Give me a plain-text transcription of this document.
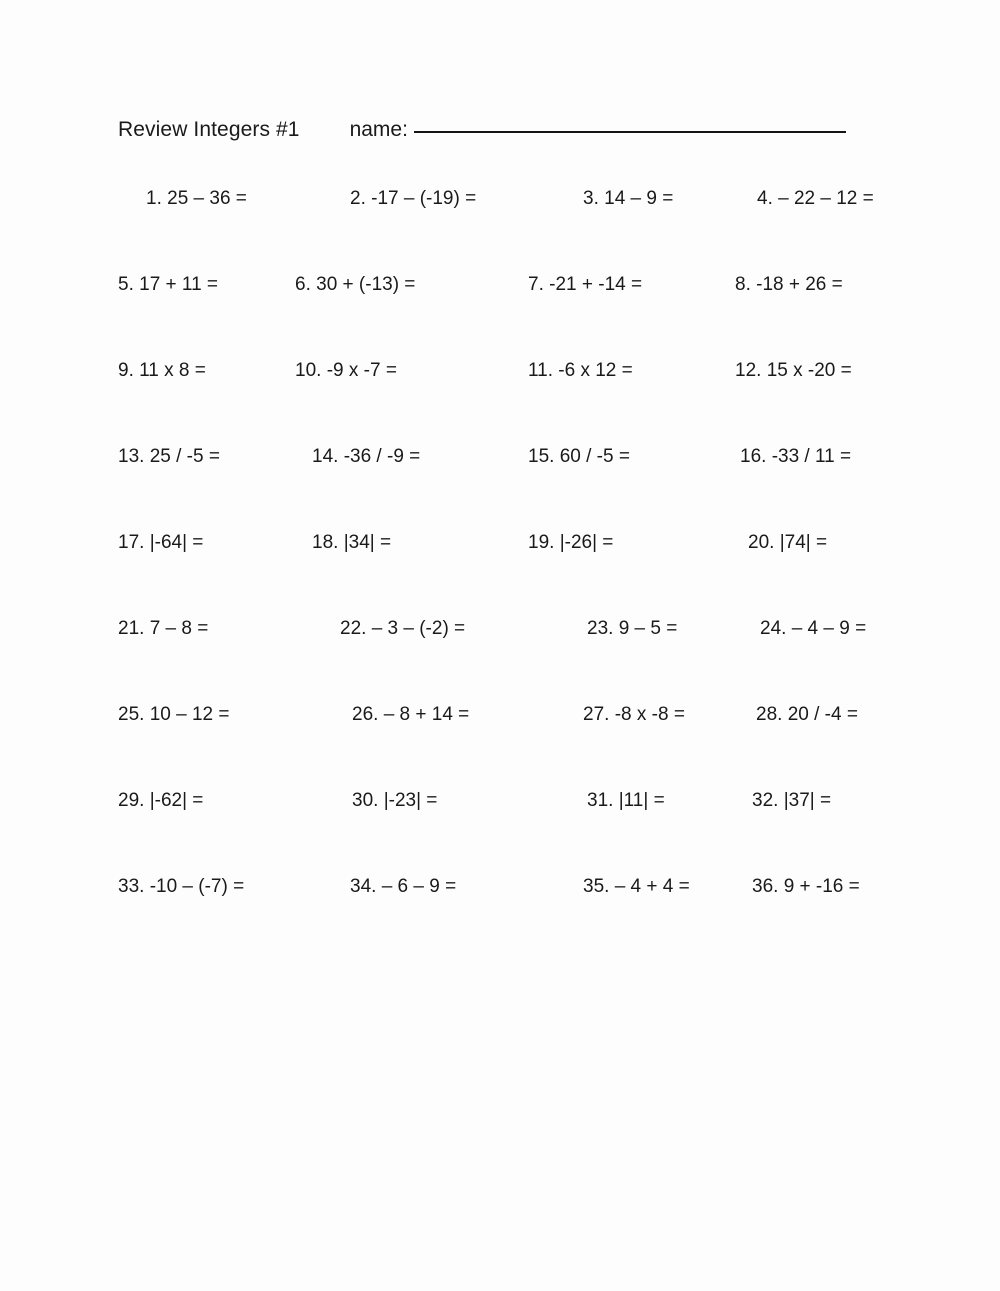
Review Integers #1 name:
1. 25 – 36 =	2. -17 – (-19) =	3. 14 – 9 =	4. – 22 – 12 =
5. 17 + 11 =	6. 30 + (-13) =	7. -21 + -14 =	8. -18 + 26 =
9. 11 x 8 =	10. -9 x -7 =	11. -6 x 12 =	12. 15 x -20 =
13. 25 / -5 =	14. -36 / -9 =	15. 60 / -5 =	16. -33 / 11 =
17. |-64| =	18. |34| =	19. |-26| =	20. |74| =
21. 7 – 8 =	22. – 3 – (-2) =	23. 9 – 5 =	24. – 4 – 9 =
25. 10 – 12 =	26. – 8 + 14 =	27. -8 x -8 =	28. 20 / -4 =
29. |-62| =	30. |-23| =	31. |11| =	32. |37| =
33. -10 – (-7) =	34. – 6 – 9 =	35. – 4 + 4 =	36. 9 + -16 =
